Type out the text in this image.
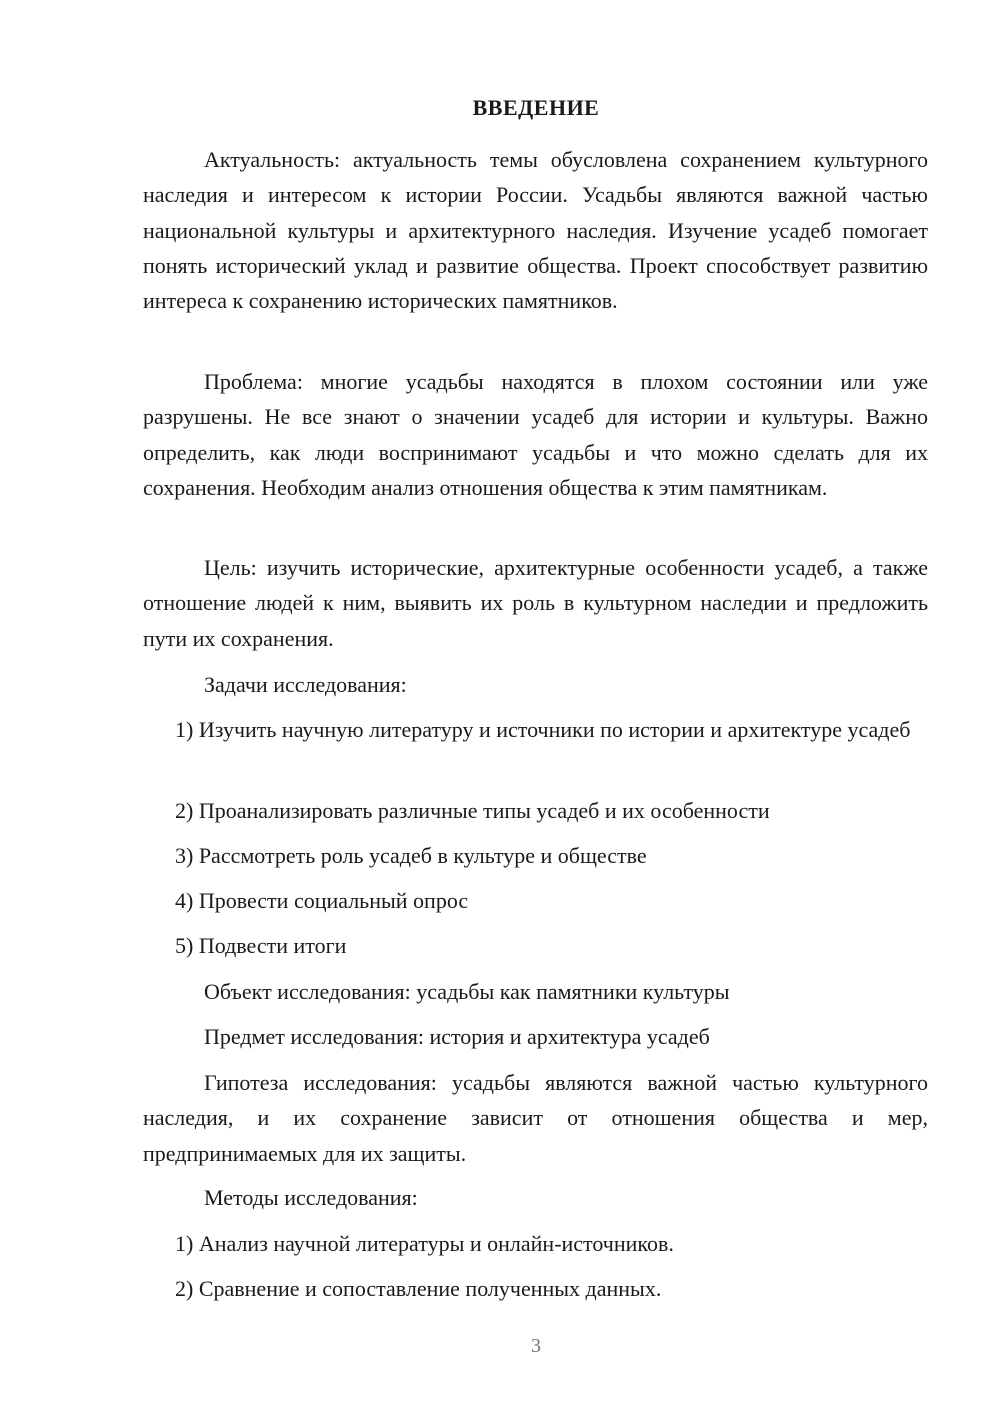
ВВЕДЕНИЕ
Актуальность: актуальность темы обусловлена сохранением культурного наследия и интересом к истории России. Усадьбы являются важной частью национальной культуры и архитектурного наследия. Изучение усадеб помогает понять исторический уклад и развитие общества. Проект способствует развитию интереса к сохранению исторических памятников.
Проблема: многие усадьбы находятся в плохом состоянии или уже разрушены. Не все знают о значении усадеб для истории и культуры. Важно определить, как люди воспринимают усадьбы и что можно сделать для их сохранения. Необходим анализ отношения общества к этим памятникам.
Цель: изучить исторические, архитектурные особенности усадеб, а также отношение людей к ним, выявить их роль в культурном наследии и предложить пути их сохранения.
Задачи исследования:
1) Изучить научную литературу и источники по истории и архитектуре усадеб
2) Проанализировать различные типы усадеб и их особенности
3) Рассмотреть роль усадеб в культуре и обществе
4) Провести социальный опрос
5) Подвести итоги
Объект исследования: усадьбы как памятники культуры
Предмет исследования: история и архитектура усадеб
Гипотеза исследования: усадьбы являются важной частью культурного наследия, и их сохранение зависит от отношения общества и мер, предпринимаемых для их защиты.
Методы исследования:
1) Анализ научной литературы и онлайн-источников.
2) Сравнение и сопоставление полученных данных.
3
